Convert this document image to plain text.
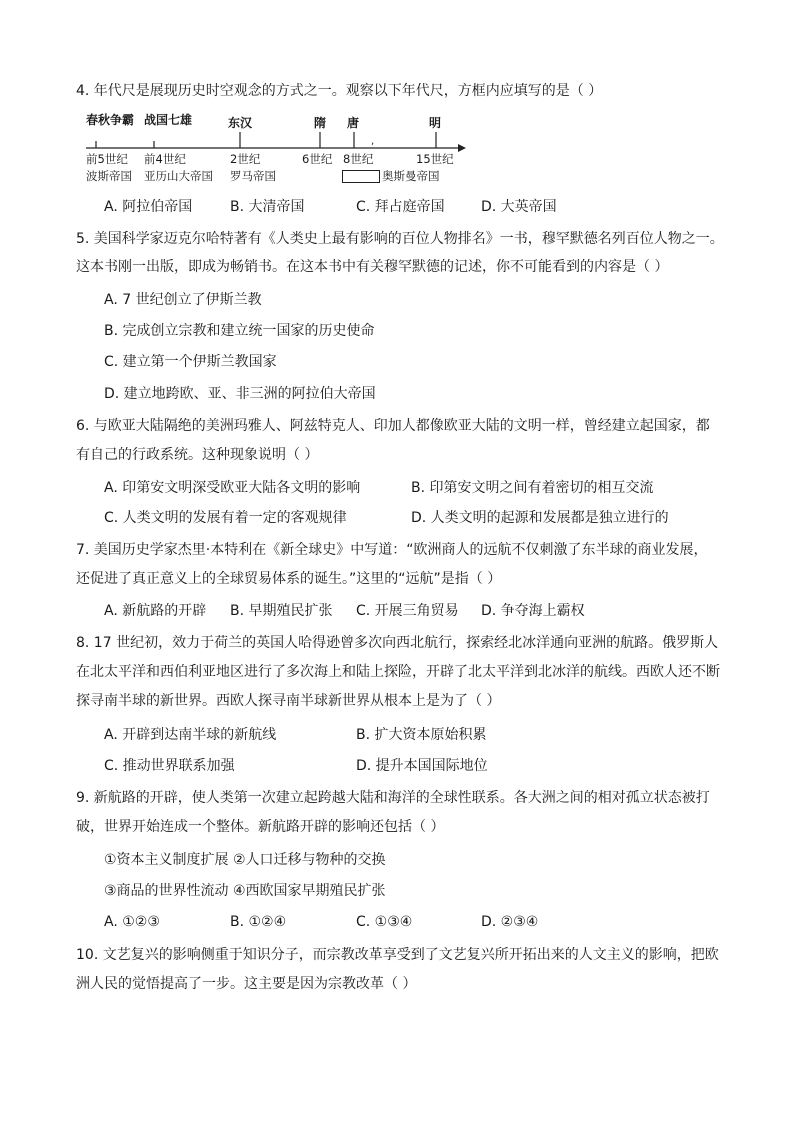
4. 年代尺是展现历史时空观念的方式之一。观察以下年代尺，方框内应填写的是（ ）
春秋争霸 战国七雄	东汉	隋 唐	明
,
前5世纪 前4世纪	2世纪	6世纪 8世纪	15世纪
波斯帝国 亚历山大帝国 罗马帝国	奥斯曼帝国
A. 阿拉伯帝国	B. 大清帝国	C. 拜占庭帝国	D. 大英帝国
5. 美国科学家迈克尔哈特著有《人类史上最有影响的百位人物排名》一书，穆罕默德名列百位人物之一。
这本书刚一出版，即成为畅销书。在这本书中有关穆罕默德的记述，你不可能看到的内容是（ ）
A. 7 世纪创立了伊斯兰教
B. 完成创立宗教和建立统一国家的历史使命
C. 建立第一个伊斯兰教国家
D. 建立地跨欧、亚、非三洲的阿拉伯大帝国
6. 与欧亚大陆隔绝的美洲玛雅人、阿兹特克人、印加人都像欧亚大陆的文明一样，曾经建立起国家，都
有自己的行政系统。这种现象说明（ ）
A. 印第安文明深受欧亚大陆各文明的影响	B. 印第安文明之间有着密切的相互交流
C. 人类文明的发展有着一定的客观规律	D. 人类文明的起源和发展都是独立进行的
7. 美国历史学家杰里·本特利在《新全球史》中写道：“欧洲商人的远航不仅刺激了东半球的商业发展，
还促进了真正意义上的全球贸易体系的诞生。”这里的“远航”是指（ ）
A. 新航路的开辟 B. 早期殖民扩张 C. 开展三角贸易 D. 争夺海上霸权
8. 17 世纪初，效力于荷兰的英国人哈得逊曾多次向西北航行，探索经北冰洋通向亚洲的航路。俄罗斯人
在北太平洋和西伯利亚地区进行了多次海上和陆上探险，开辟了北太平洋到北冰洋的航线。西欧人还不断
探寻南半球的新世界。西欧人探寻南半球新世界从根本上是为了（ ）
A. 开辟到达南半球的新航线	B. 扩大资本原始积累
C. 推动世界联系加强	D. 提升本国国际地位
9. 新航路的开辟，使人类第一次建立起跨越大陆和海洋的全球性联系。各大洲之间的相对孤立状态被打
破，世界开始连成一个整体。新航路开辟的影响还包括（ ）
①资本主义制度扩展 ②人口迁移与物种的交换
③商品的世界性流动 ④西欧国家早期殖民扩张
A. ①②③	B. ①②④	C. ①③④	D. ②③④
10. 文艺复兴的影响侧重于知识分子，而宗教改革享受到了文艺复兴所开拓出来的人文主义的影响，把欧
洲人民的觉悟提高了一步。这主要是因为宗教改革（ ）
